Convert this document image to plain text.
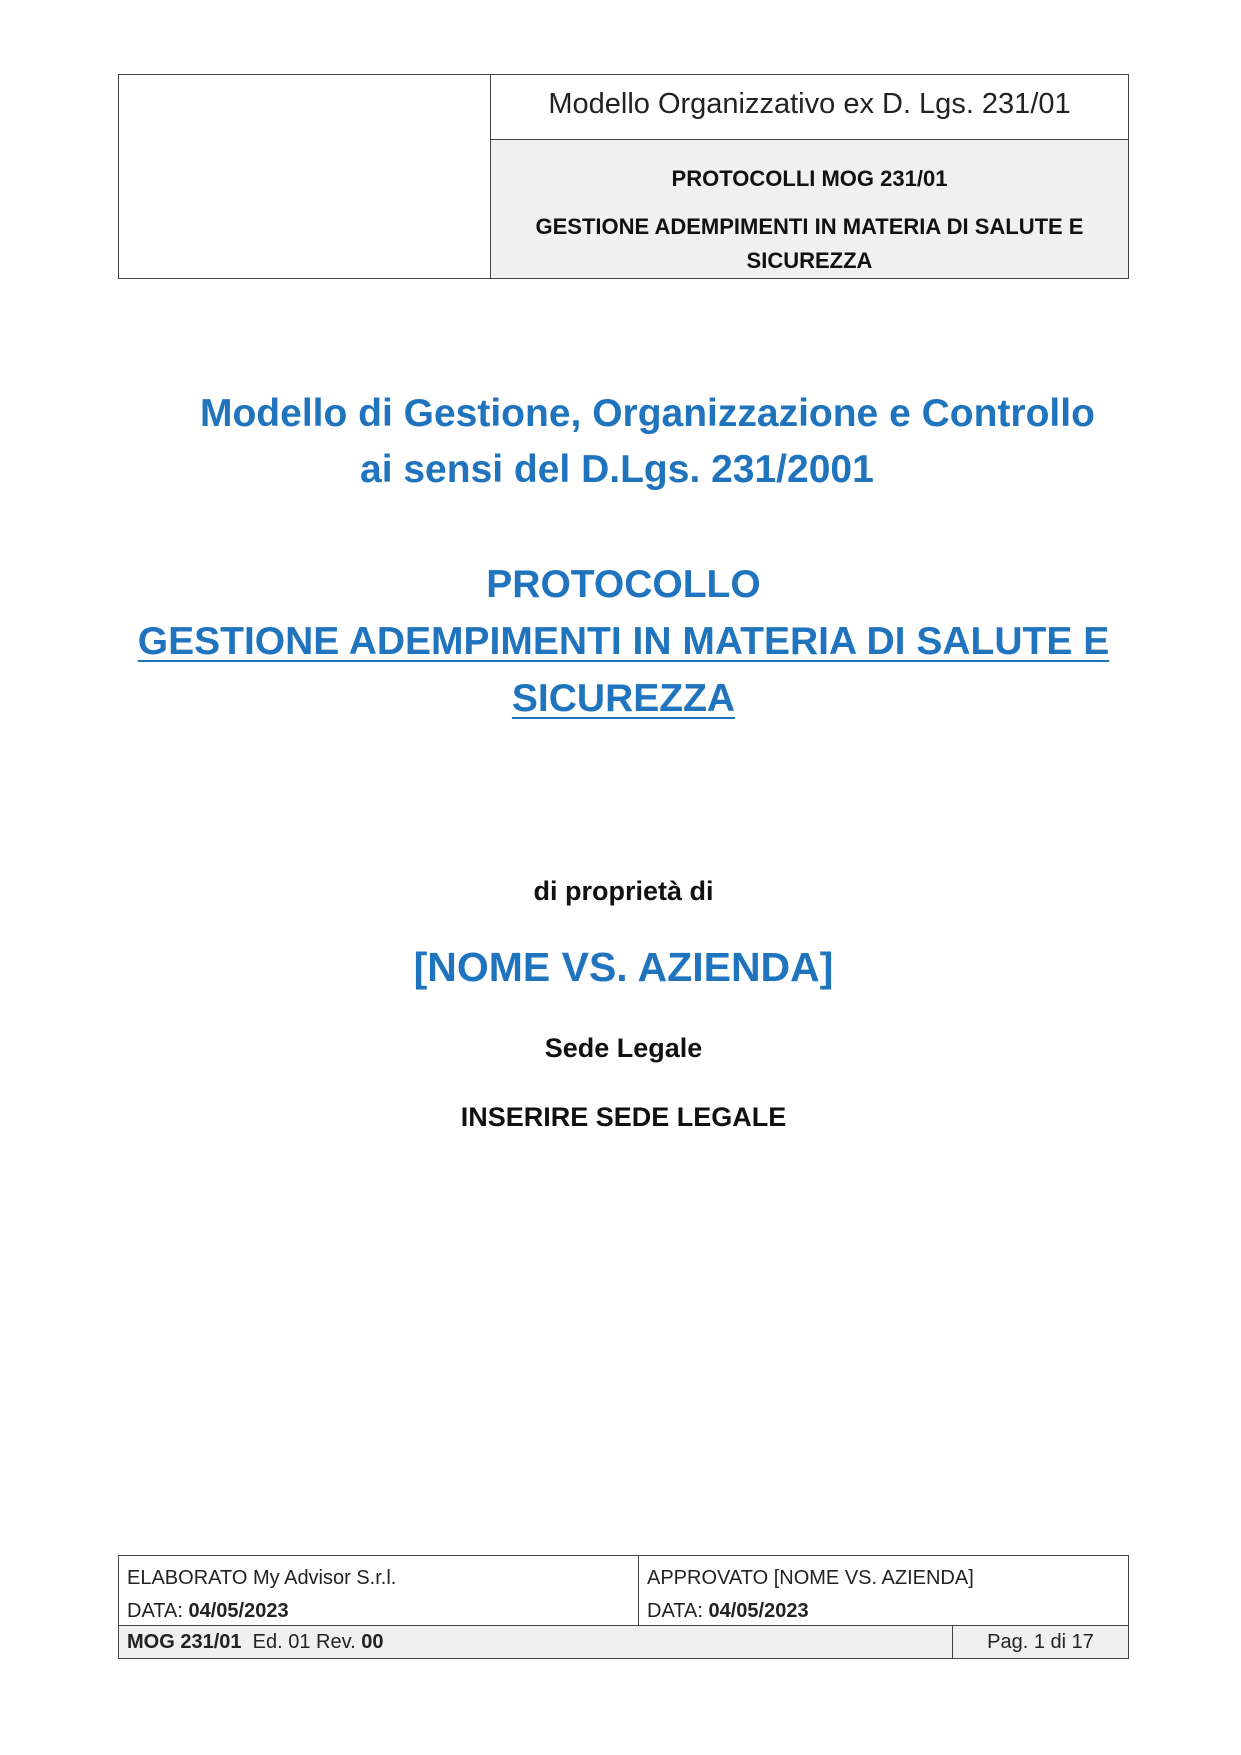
Modello Organizzativo ex D. Lgs. 231/01
PROTOCOLLI MOG 231/01
GESTIONE ADEMPIMENTI IN MATERIA DI SALUTE E SICUREZZA
Modello di Gestione, Organizzazione e Controllo
ai sensi del D.Lgs. 231/2001
PROTOCOLLO
GESTIONE ADEMPIMENTI IN MATERIA DI SALUTE E
SICUREZZA
di proprietà di
[NOME VS. AZIENDA]
Sede Legale
INSERIRE SEDE LEGALE
ELABORATO My Advisor S.r.l.
DATA: 04/05/2023
APPROVATO [NOME VS. AZIENDA]
DATA: 04/05/2023
MOG 231/01 Ed. 01 Rev. 00	Pag. 1 di 17
